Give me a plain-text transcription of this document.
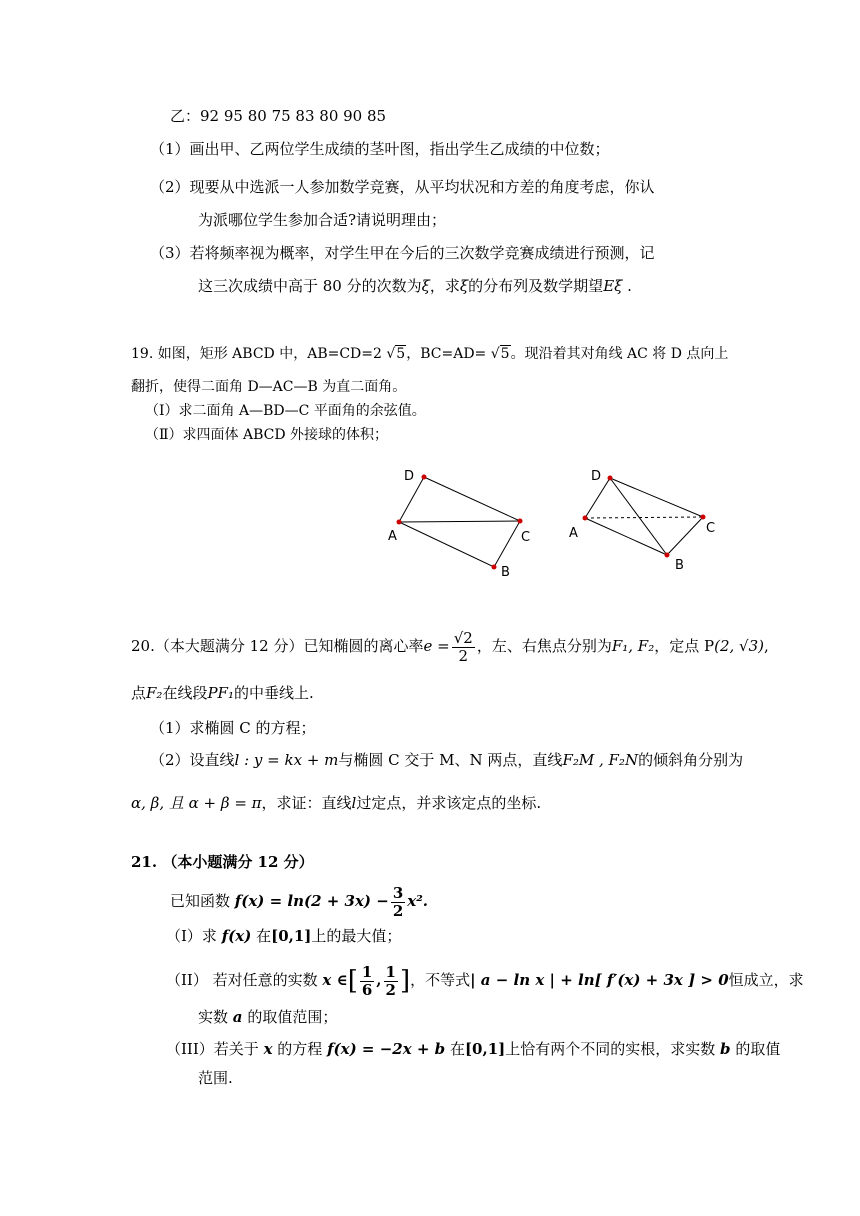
乙：92 95 80 75 83 80 90 85
（1）画出甲、乙两位学生成绩的茎叶图，指出学生乙成绩的中位数；
（2）现要从中选派一人参加数学竞赛，从平均状况和方差的角度考虑，你认
为派哪位学生参加合适?请说明理由；
（3）若将频率视为概率，对学生甲在今后的三次数学竞赛成绩进行预测，记
这三次成绩中高于 80 分的次数为ξ，求ξ的分布列及数学期望Eξ .
19. 如图，矩形 ABCD 中，AB=CD=2 √5，BC=AD= √5。现沿着其对角线 AC 将 D 点向上
翻折，使得二面角 D—AC—B 为直二面角。
（Ⅰ）求二面角 A—BD—C 平面角的余弦值。
（Ⅱ）求四面体 ABCD 外接球的体积；
D
A	C
B
D
A	C
B
20.（本大题满分 12 分）已知椭圆的离心率$e = \frac{√2}{2}$ ，左、右焦点分别为F₁, F₂，定点 P(2, √3),
点F₂在线段PF₁的中垂线上.
（1）求椭圆 C 的方程；
（2）设直线l : y = kx + m与椭圆 C 交于 M、N 两点，直线F₂M , F₂N的倾斜角分别为
α, β, 且 α + β = π，求证：直线l过定点，并求该定点的坐标.
21. （本小题满分 12 分）
已知函数 $f(x) = \ln(2 + 3x) - \frac{3}{2} x^2$.
（I）求 f(x) 在[0,1]上的最大值；
（II） 若对任意的实数 x ∈[ $\frac{1}{6}$ , $\frac{1}{2}$ ]，不等式| a − ln x | + ln[ f′(x) + 3x ] > 0恒成立，求
实数 a 的取值范围；
（III）若关于 x 的方程 f(x) = −2x + b 在[0,1]上恰有两个不同的实根，求实数 b 的取值
范围.
